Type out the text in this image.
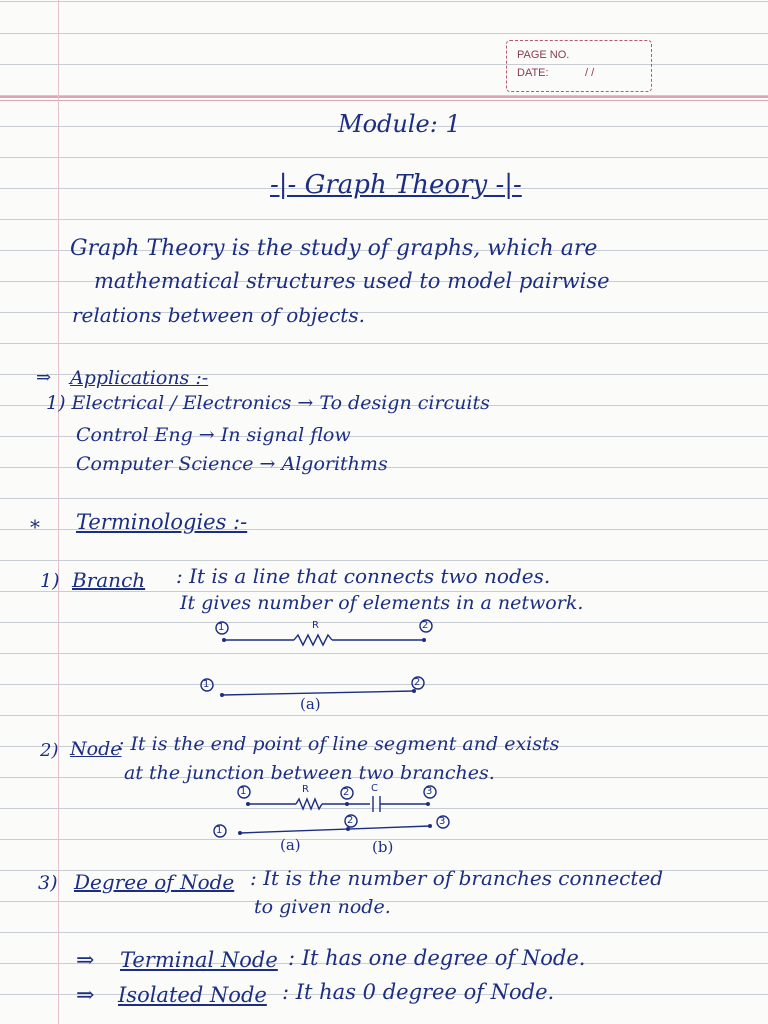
PAGE NO.
DATE:	/ /
Module: 1
-|- Graph Theory -|-
Graph Theory is the study of graphs, which are
mathematical structures used to model pairwise
relations between of objects.
⇒ Applications :-
1) Electrical / Electronics → To design circuits
Control Eng → In signal flow
Computer Science → Algorithms
* Terminologies :-
1) Branch : It is a line that connects two nodes.
It gives number of elements in a network.
2) Node
: It is the end point of line segment and exists
at the junction between two branches.
3) Degree of Node : It is the number of branches connected
to given node.
⇒ Terminal Node : It has one degree of Node.
⇒ Isolated Node : It has 0 degree of Node.
1	R	2
1	2
(a)
1	R	2 C	3
1
2	3
(a)	(b)
